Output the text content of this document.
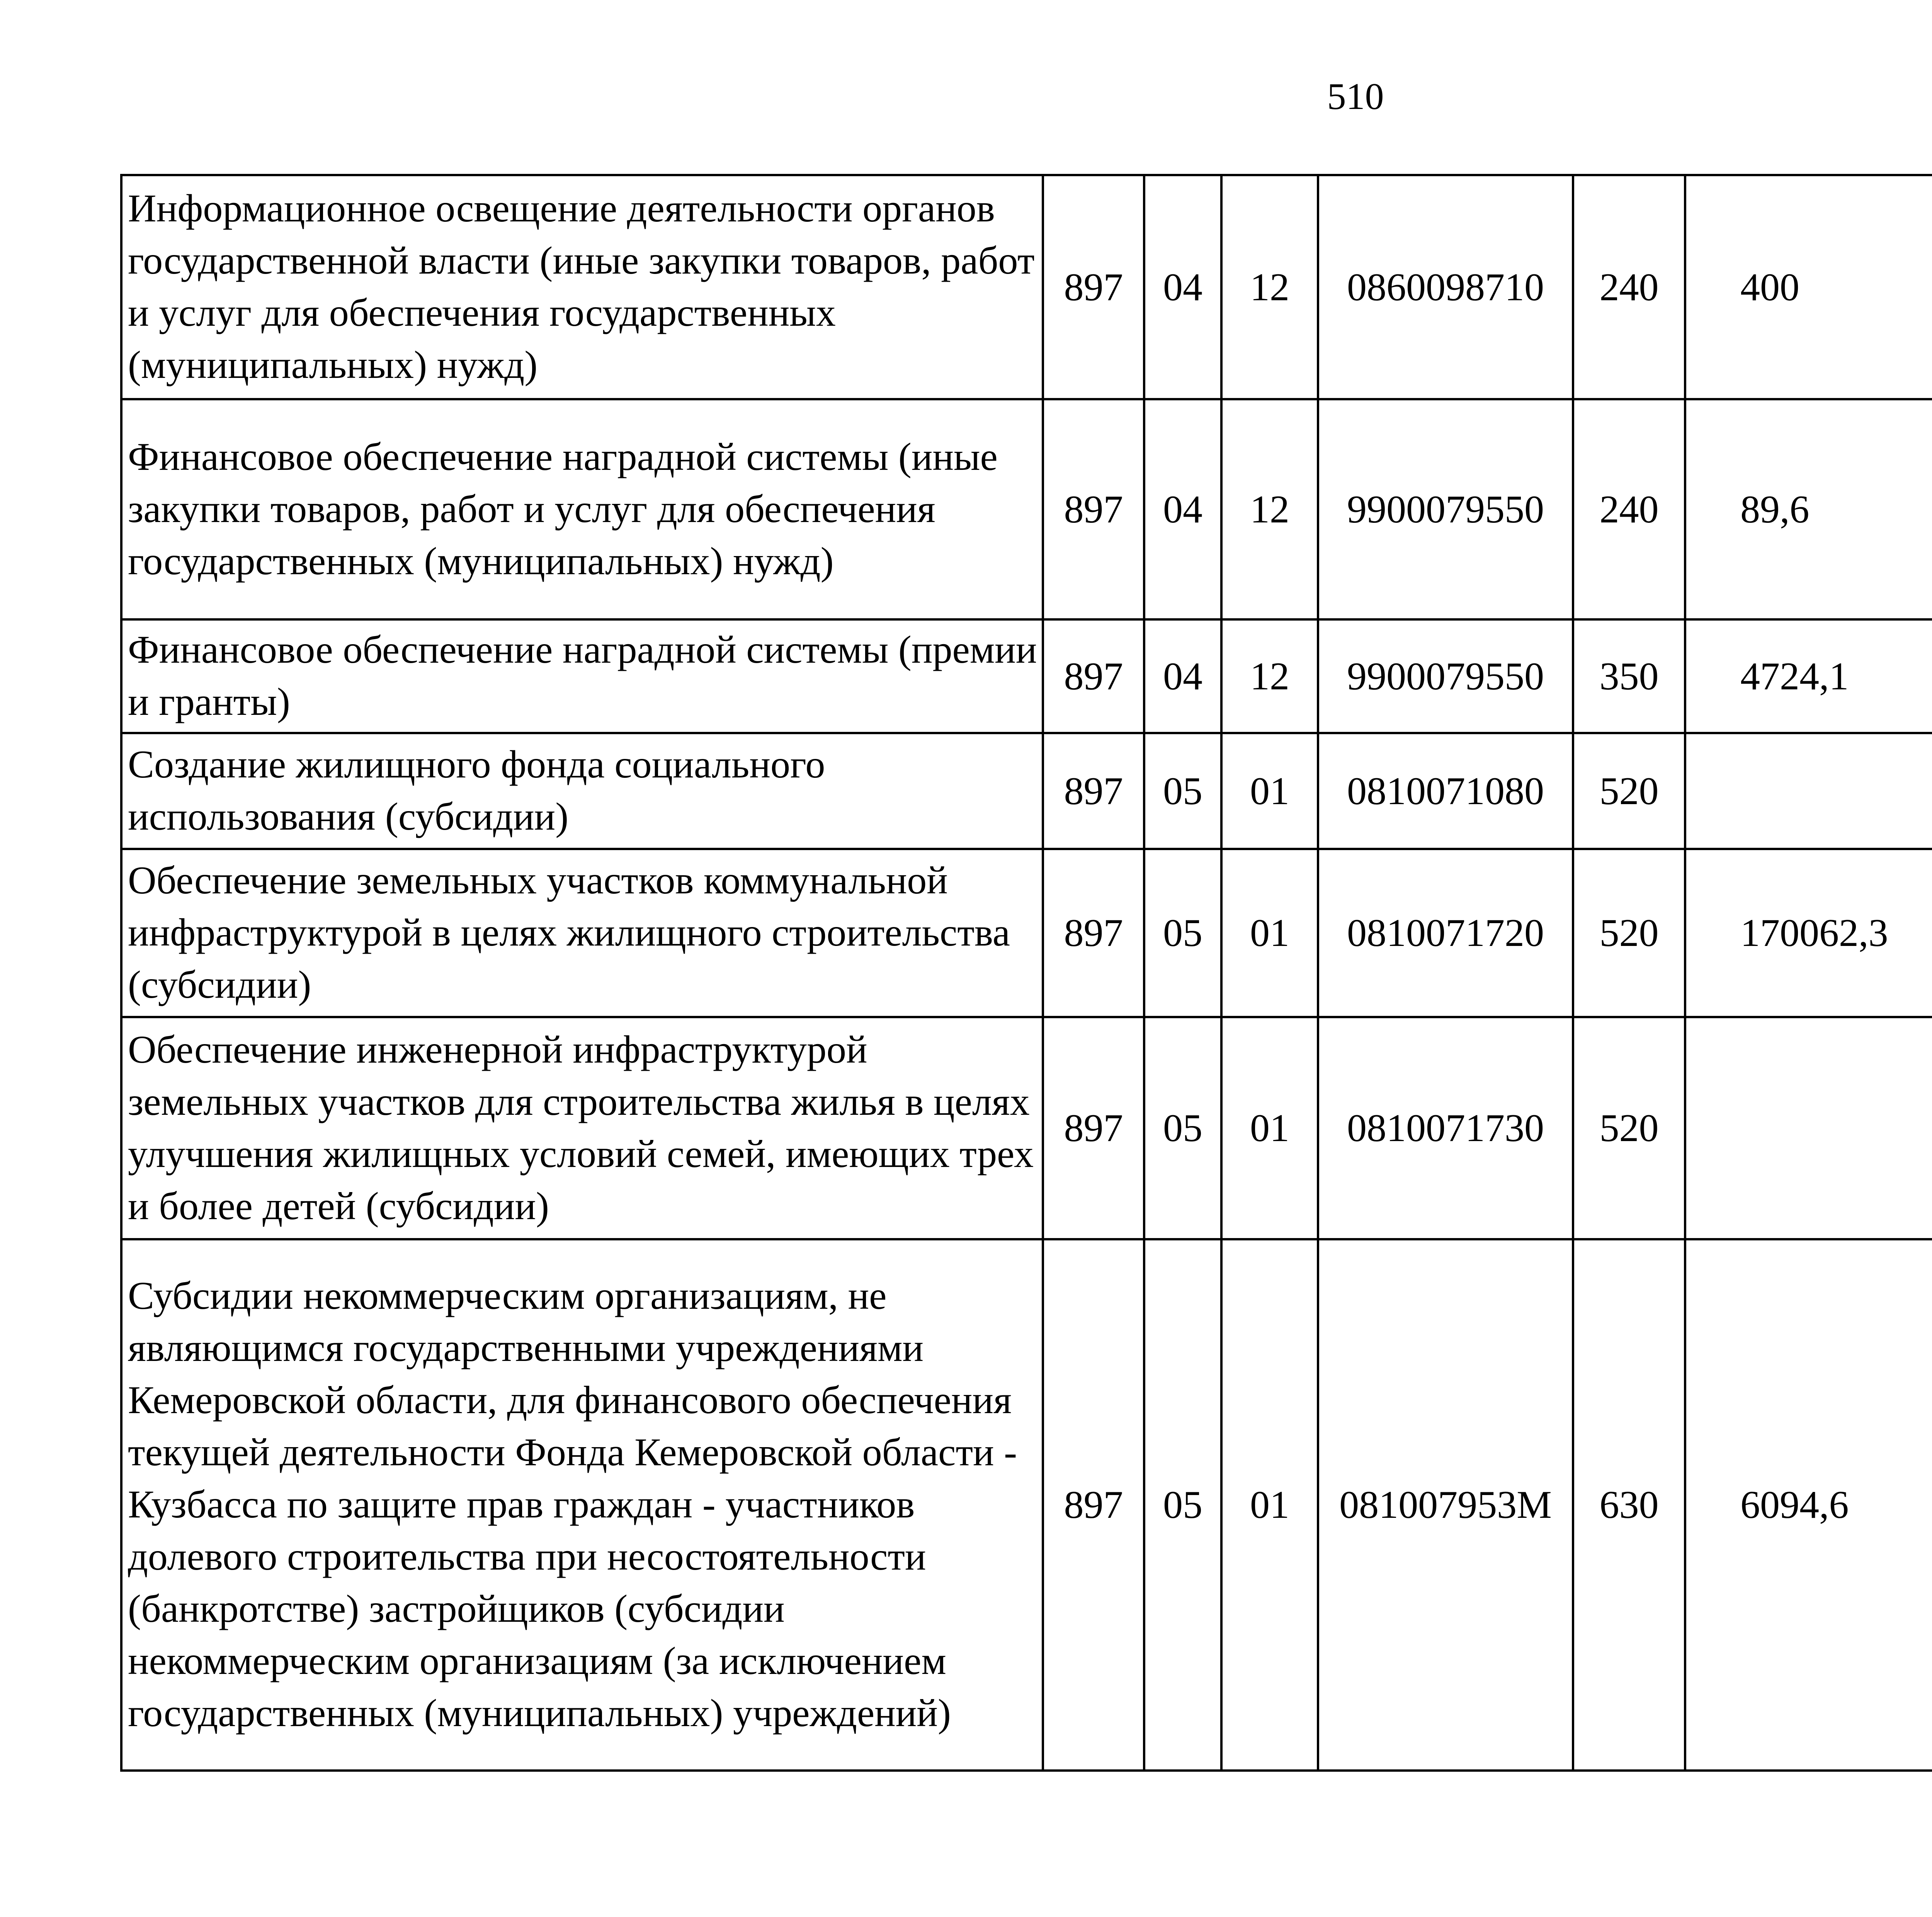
510
Информационное освещение деятельности органов государственной власти (иные закупки товаров, работ и услуг для обеспечения государственных (муниципальных) нужд)	897	04	12	0860098710	240	400		
Финансовое обеспечение наградной системы (иные закупки товаров, работ и услуг для обеспечения государственных (муниципальных) нужд)	897	04	12	9900079550	240	89,6		
Финансовое обеспечение наградной системы (премии и гранты)	897	04	12	9900079550	350	4724,1		
Создание жилищного фонда социального использования (субсидии)	897	05	01	0810071080	520			
Обеспечение земельных участков коммунальной инфраструктурой в целях жилищного строительства (субсидии)	897	05	01	0810071720	520	170062,3		
Обеспечение инженерной инфраструктурой земельных участков для строительства жилья в целях улучшения жилищных условий семей, имеющих трех и более детей (субсидии)	897	05	01	0810071730	520			
Субсидии некоммерческим организациям, не являющимся государственными учреждениями Кемеровской области, для финансового обеспечения текущей деятельности Фонда Кемеровской области - Кузбасса по защите прав граждан - участников долевого строительства при несостоятельности (банкротстве) застройщиков (субсидии некоммерческим организациям (за исключением государственных (муниципальных) учреждений)	897	05	01	081007953М	630	6094,6		
